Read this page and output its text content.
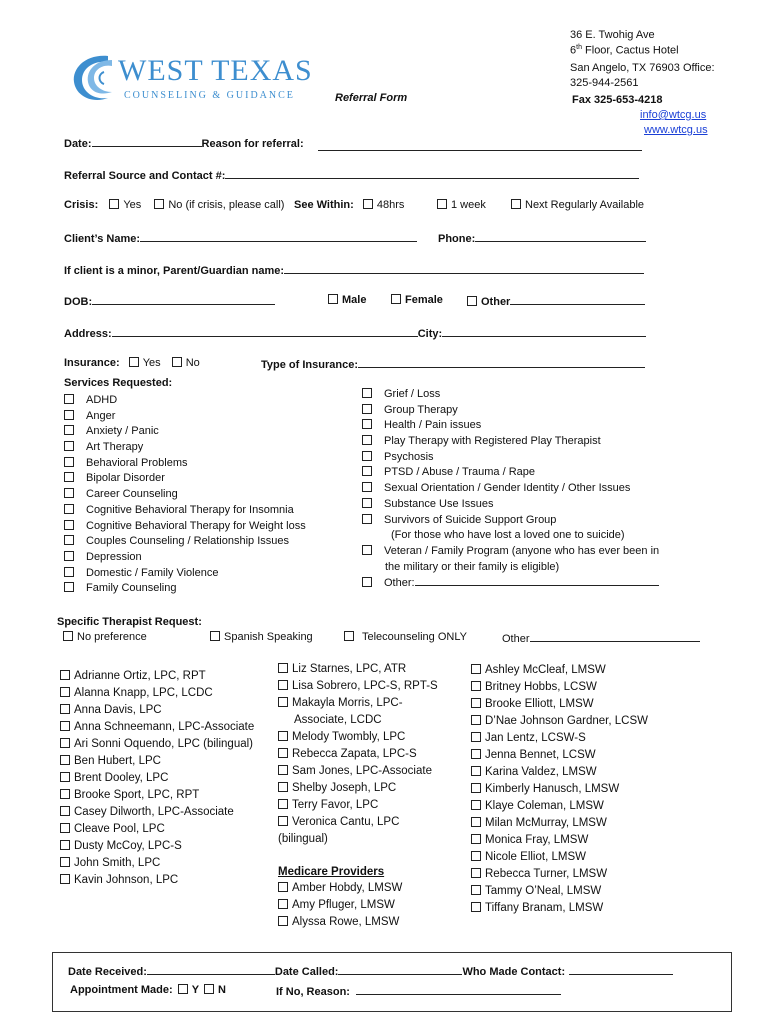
WEST TEXAS
COUNSELING & GUIDANCE	Referral Form
36 E. Twohig Ave
6th Floor, Cactus Hotel
San Angelo, TX 76903 Office:
325-944-2561
Fax 325-653-4218
info@wtcg.us
www.wtcg.us
Date:	Reason for referral:
Referral Source and Contact #:
Crisis: Yes No (if crisis, please call) See Within: 48hrs	1 week	Next Regularly Available
Client’s Name:	Phone:
If client is a minor, Parent/Guardian name:
DOB:	Male	Female	Other
Address:	City:
Insurance: Yes No	Type of Insurance:
Services Requested:
ADHD
Anger
Anxiety / Panic
Art Therapy
Behavioral Problems
Bipolar Disorder
Career Counseling
Cognitive Behavioral Therapy for Insomnia
Cognitive Behavioral Therapy for Weight loss
Couples Counseling / Relationship Issues
Depression
Domestic / Family Violence
Family Counseling
Grief / Loss
Group Therapy
Health / Pain issues
Play Therapy with Registered Play Therapist
Psychosis
PTSD / Abuse / Trauma / Rape
Sexual Orientation / Gender Identity / Other Issues
Substance Use Issues
Survivors of Suicide Support Group
(For those who have lost a loved one to suicide)
Veteran / Family Program (anyone who has ever been in
the military or their family is eligible)
Other:
Specific Therapist Request:
No preference	Spanish Speaking	Telecounseling ONLY	Other
Adrianne Ortiz, LPC, RPT
Alanna Knapp, LPC, LCDC
Anna Davis, LPC
Anna Schneemann, LPC-Associate
Ari Sonni Oquendo, LPC (bilingual)
Ben Hubert, LPC
Brent Dooley, LPC
Brooke Sport, LPC, RPT
Casey Dilworth, LPC-Associate
Cleave Pool, LPC
Dusty McCoy, LPC-S
John Smith, LPC
Kavin Johnson, LPC
Liz Starnes, LPC, ATR
Lisa Sobrero, LPC-S, RPT-S
Makayla Morris, LPC-
Associate, LCDC
Melody Twombly, LPC
Rebecca Zapata, LPC-S
Sam Jones, LPC-Associate
Shelby Joseph, LPC
Terry Favor, LPC
Veronica Cantu, LPC
(bilingual)
Medicare Providers
Amber Hobdy, LMSW
Amy Pfluger, LMSW
Alyssa Rowe, LMSW
Ashley McCleaf, LMSW
Britney Hobbs, LCSW
Brooke Elliott, LMSW
D’Nae Johnson Gardner, LCSW
Jan Lentz, LCSW-S
Jenna Bennet, LCSW
Karina Valdez, LMSW
Kimberly Hanusch, LMSW
Klaye Coleman, LMSW
Milan McMurray, LMSW
Monica Fray, LMSW
Nicole Elliot, LMSW
Rebecca Turner, LMSW
Tammy O’Neal, LMSW
Tiffany Branam, LMSW
Date Received:	Date Called:	Who Made Contact:
Appointment Made: Y N	If No, Reason:
